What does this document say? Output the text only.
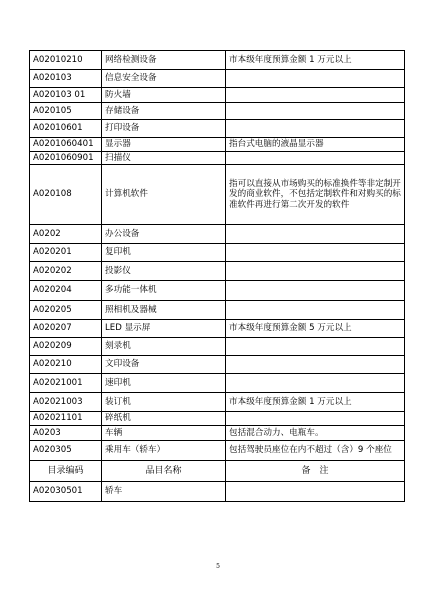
A02010210	网络检测设备	市本级年度预算金额 1 万元以上
A020103	信息安全设备	
A020103 01	防火墙	
A020105	存储设备	
A02010601	打印设备	
A0201060401	显示器	指台式电脑的液晶显示器
A0201060901	扫描仪	
A020108	计算机软件	指可以直接从市场购买的标准换件等非定制开发的商业软件，不包括定制软件和对购买的标准软件再进行第二次开发的软件
A0202	办公设备	
A020201	复印机	
A020202	投影仪	
A020204	多功能一体机	
A020205	照相机及器械	
A020207	LED 显示屏	市本级年度预算金额 5 万元以上
A020209	刻录机	
A020210	文印设备	
A02021001	速印机	
A02021003	装订机	市本级年度预算金额 1 万元以上
A02021101	碎纸机	
A0203	车辆	包括混合动力、电瓶车。
A020305	乘用车（轿车）	包括驾驶员座位在内不超过（含）9 个座位
目录编码	品目名称	备　注
A02030501	轿车	
5
